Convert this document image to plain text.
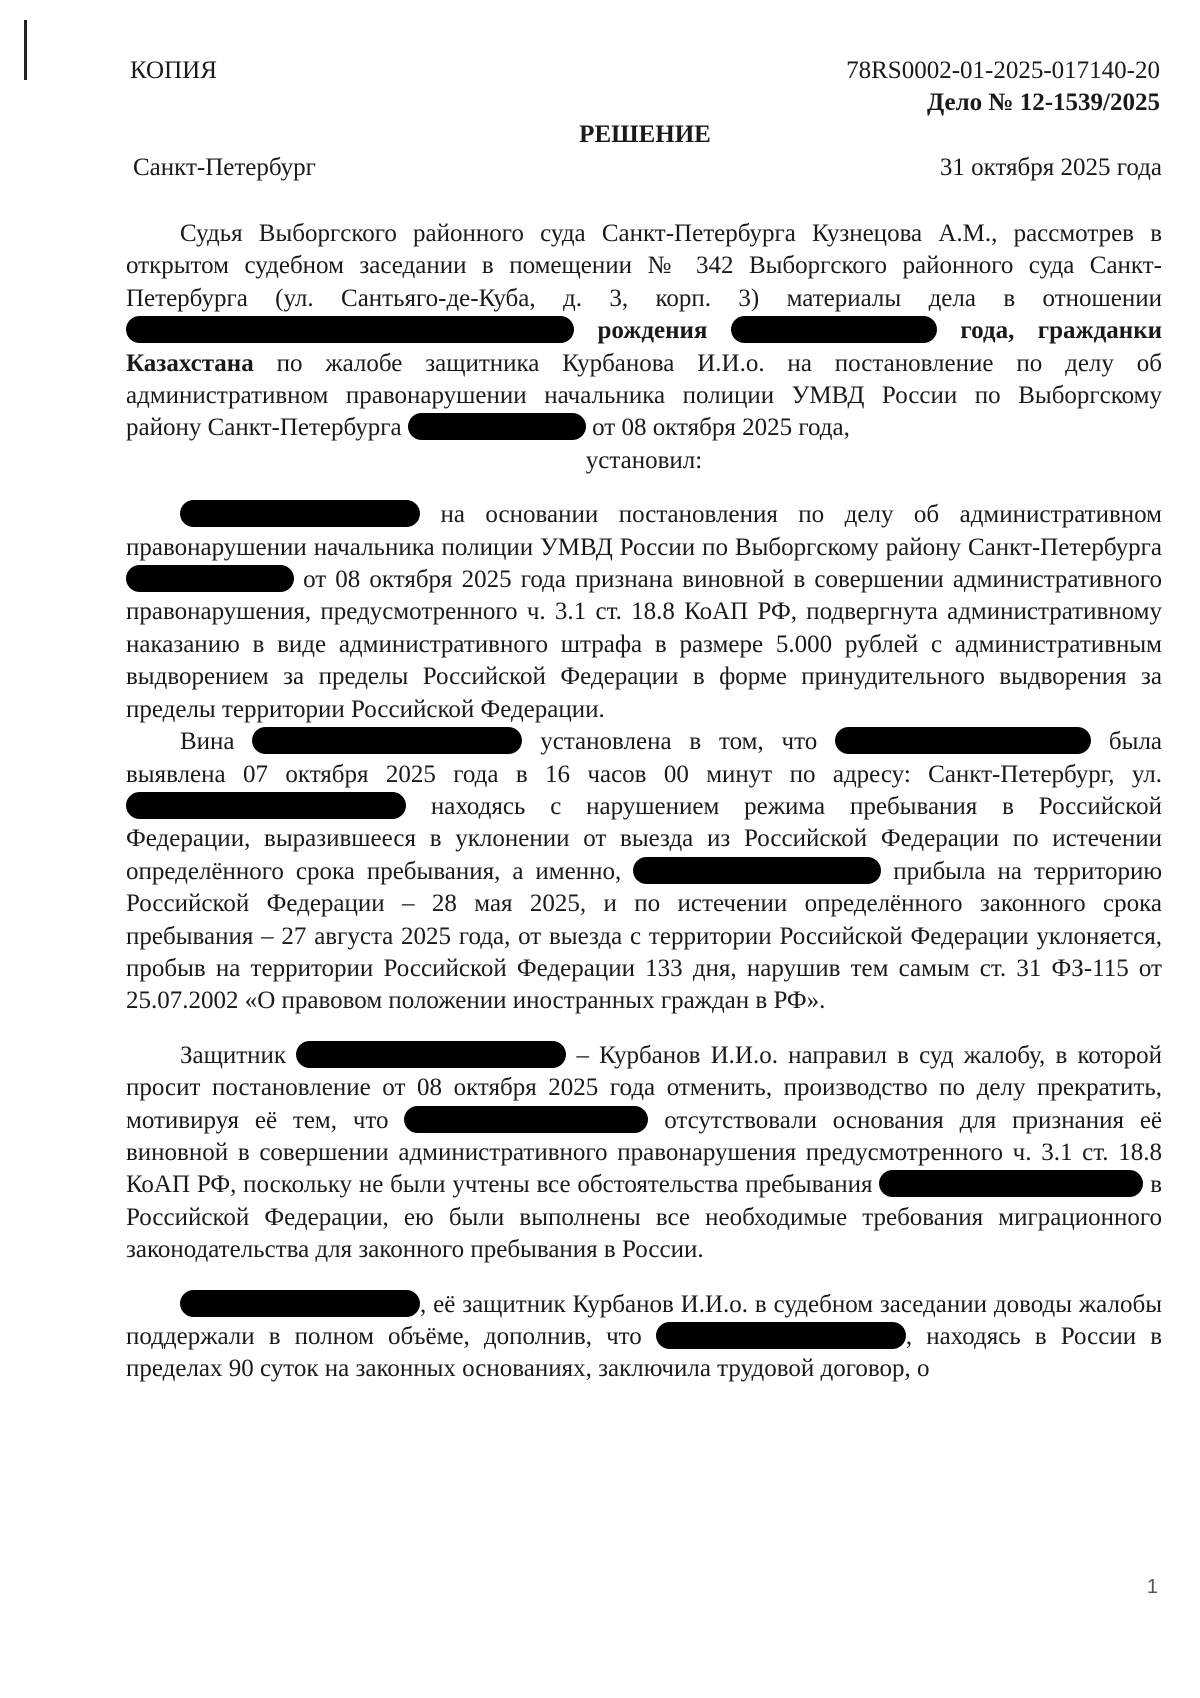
КОПИЯ	78RS0002-01-2025-017140-20
Дело № 12-1539/2025
РЕШЕНИЕ
Санкт-Петербург	31 октября 2025 года

Судья Выборгского районного суда Санкт-Петербурга Кузнецова А.М., рассмотрев в открытом судебном заседании в помещении № 342 Выборгского районного суда Санкт-Петербурга (ул. Сантьяго-де-Куба, д. 3, корп. 3) материалы дела в отношении  рождения	года, гражданки Казахстана по жалобе защитника Курбанова И.И.о. на постановление по делу об административном правонарушении начальника полиции УМВД России по Выборгскому району Санкт-Петербурга	от 08 октября 2025 года,

установил:

на основании постановления по делу об административном правонарушении начальника полиции УМВД России по Выборгскому району Санкт-Петербурга  от 08 октября 2025 года признана виновной в совершении административного правонарушения, предусмотренного ч. 3.1 ст. 18.8 КоАП РФ, подвергнута административному наказанию в виде административного штрафа в размере 5.000 рублей с административным выдворением за пределы Российской Федерации в форме принудительного выдворения за пределы территории Российской Федерации.

Вина	установлена в том, что	была выявлена 07 октября 2025 года в 16 часов 00 минут по адресу: Санкт-Петербург, ул.  находясь с нарушением режима пребывания в Российской Федерации, выразившееся в уклонении от выезда из Российской Федерации по истечении определённого срока пребывания, а именно,	прибыла на территорию Российской Федерации – 28 мая 2025, и по истечении определённого законного срока пребывания – 27 августа 2025 года, от выезда с территории Российской Федерации уклоняется, пробыв на территории Российской Федерации 133 дня, нарушив тем самым ст. 31 ФЗ-115 от 25.07.2002 «О правовом положении иностранных граждан в РФ».

Защитник	– Курбанов И.И.о. направил в суд жалобу, в которой просит постановление от 08 октября 2025 года отменить, производство по делу прекратить, мотивируя её тем, что	отсутствовали основания для признания её виновной в совершении административного правонарушения предусмотренного ч. 3.1 ст. 18.8 КоАП РФ, поскольку не были учтены все обстоятельства пребывания	в Российской Федерации, ею были выполнены все необходимые требования миграционного законодательства для законного пребывания в России.

, её защитник Курбанов И.И.о. в судебном заседании доводы жалобы поддержали в полном объёме, дополнив, что	, находясь в России в пределах 90 суток на законных основаниях, заключила трудовой договор, о

1
